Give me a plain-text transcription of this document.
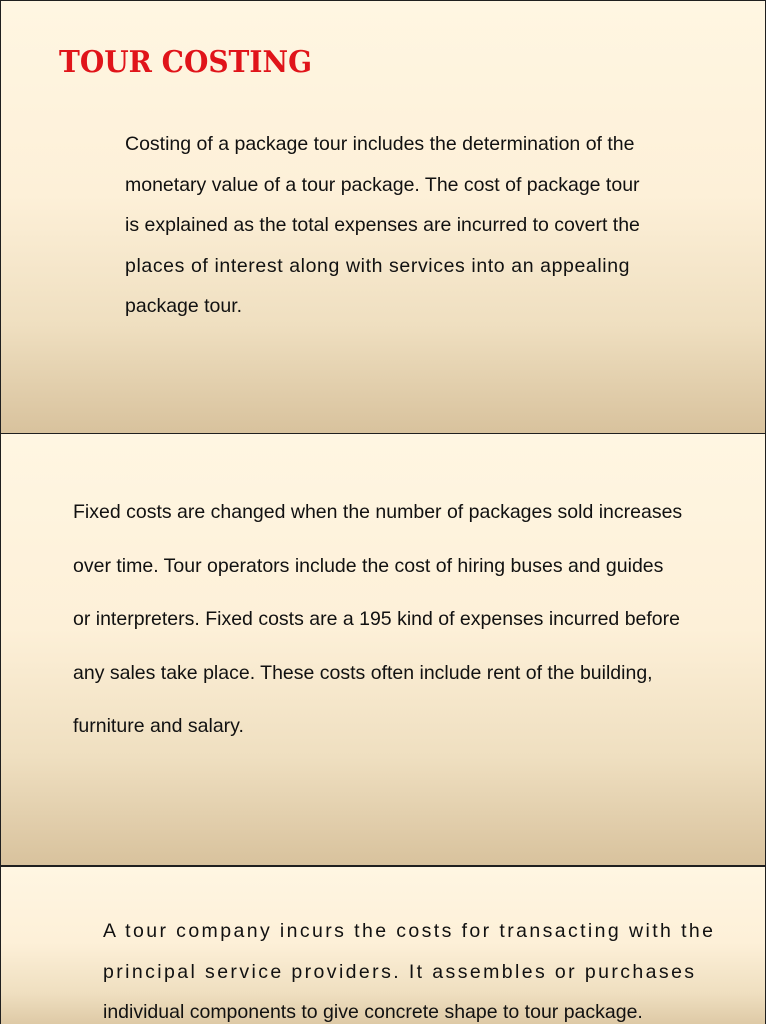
TOUR COSTING

Costing of a package tour includes the determination of the
monetary value of a tour package. The cost of package tour
is explained as the total expenses are incurred to covert the
places of interest along with services into an appealing
package tour.

Fixed costs are changed when the number of packages sold increases
over time. Tour operators include the cost of hiring buses and guides
or interpreters. Fixed costs are a 195 kind of expenses incurred before
any sales take place. These costs often include rent of the building,
furniture and salary.

A tour company incurs the costs for transacting with the
principal service providers. It assembles or purchases
individual components to give concrete shape to tour package.
